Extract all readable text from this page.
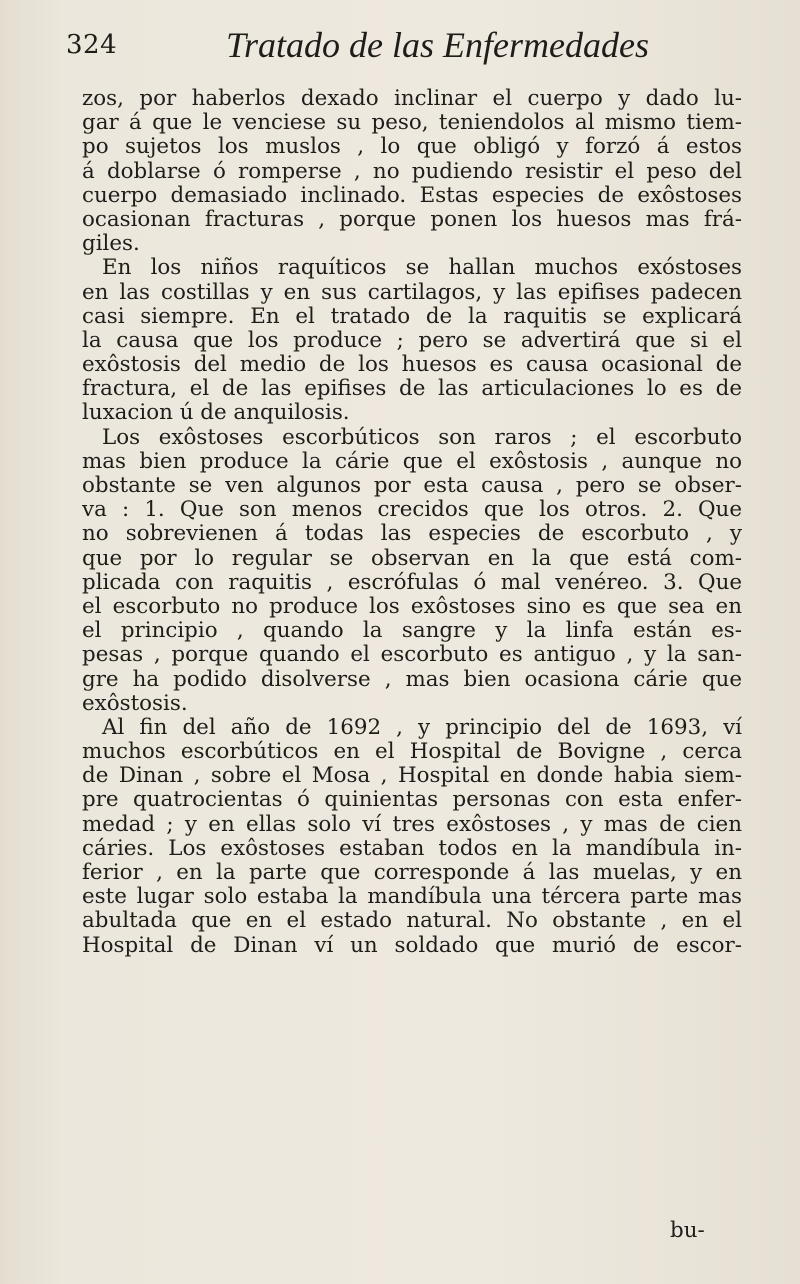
324	Tratado de las Enfermedades
zos, por haberlos dexado inclinar el cuerpo y dado lu-
gar á que le venciese su peso, teniendolos al mismo tiem-
po sujetos los muslos , lo que obligó y forzó á estos
á doblarse ó romperse , no pudiendo resistir el peso del
cuerpo demasiado inclinado. Estas especies de exôstoses
ocasionan fracturas , porque ponen los huesos mas frá-
giles.
En los niños raquíticos se hallan muchos exóstoses
en las costillas y en sus cartilagos, y las epifises padecen
casi siempre. En el tratado de la raquitis se explicará
la causa que los produce ; pero se advertirá que si el
exôstosis del medio de los huesos es causa ocasional de
fractura, el de las epifises de las articulaciones lo es de
luxacion ú de anquilosis.
Los exôstoses escorbúticos son raros ; el escorbuto
mas bien produce la cárie que el exôstosis , aunque no
obstante se ven algunos por esta causa , pero se obser-
va : 1. Que son menos crecidos que los otros. 2. Que
no sobrevienen á todas las especies de escorbuto , y
que por lo regular se observan en la que está com-
plicada con raquitis , escrófulas ó mal venéreo. 3. Que
el escorbuto no produce los exôstoses sino es que sea en
el principio , quando la sangre y la linfa están es-
pesas , porque quando el escorbuto es antiguo , y la san-
gre ha podido disolverse , mas bien ocasiona cárie que
exôstosis.
Al fin del año de 1692 , y principio del de 1693, ví
muchos escorbúticos en el Hospital de Bovigne , cerca
de Dinan , sobre el Mosa , Hospital en donde habia siem-
pre quatrocientas ó quinientas personas con esta enfer-
medad ; y en ellas solo ví tres exôstoses , y mas de cien
cáries. Los exôstoses estaban todos en la mandíbula in-
ferior , en la parte que corresponde á las muelas, y en
este lugar solo estaba la mandíbula una tércera parte mas
abultada que en el estado natural. No obstante , en el
Hospital de Dinan ví un soldado que murió de escor-
bu-
